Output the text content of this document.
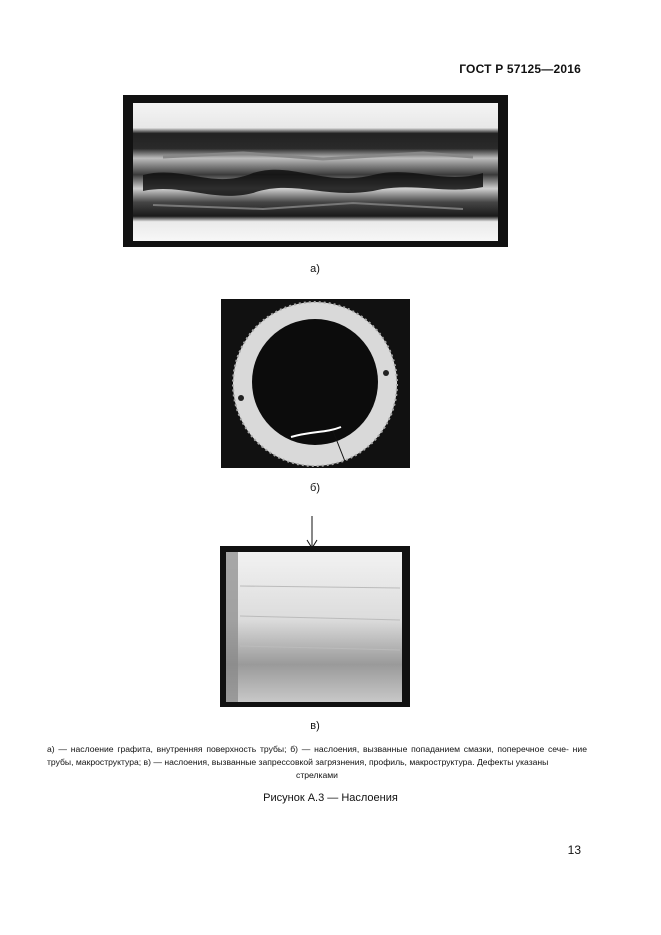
ГОСТ Р 57125—2016
а)
б)
в)
а) — наслоение графита, внутренняя поверхность трубы; б) — наслоения, вызванные попаданием смазки, поперечное сече- ние трубы, макроструктура; в) — наслоения, вызванные запрессовкой загрязнения, профиль, макроструктура. Дефекты указаны
стрелками
Рисунок А.3 — Наслоения
13
